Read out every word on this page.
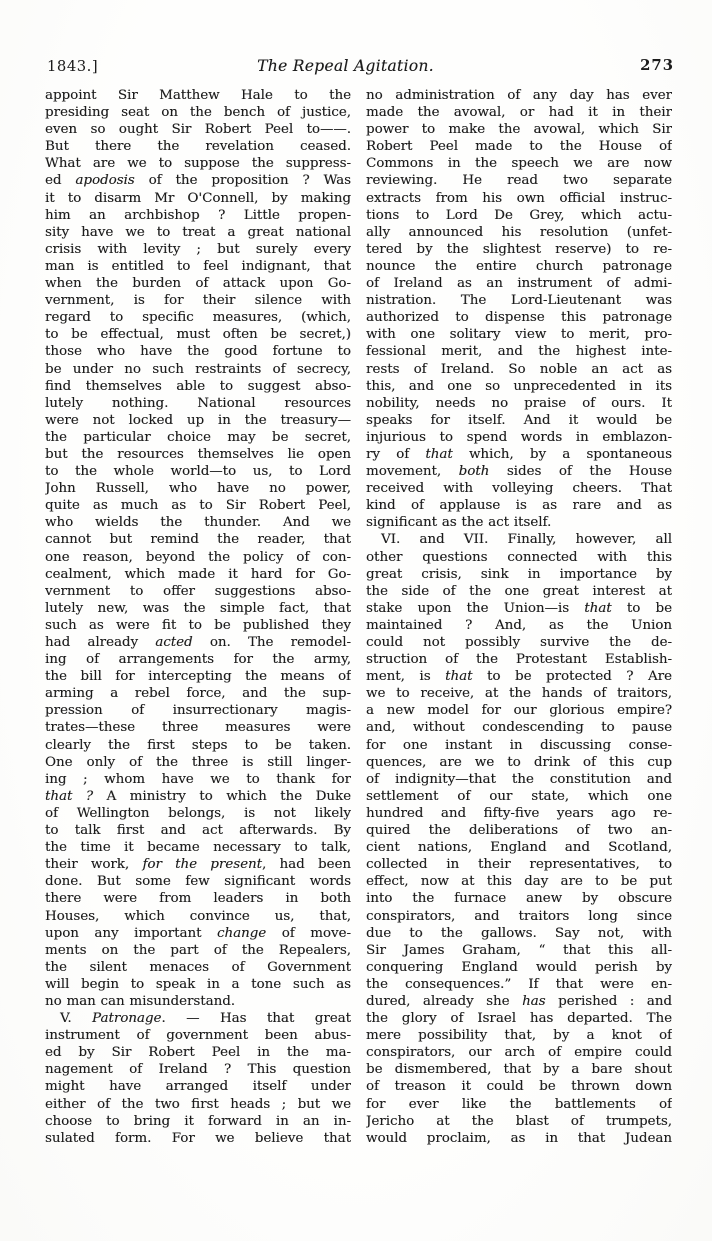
1843.]	The Repeal Agitation.	273
appoint Sir Matthew Hale to the
presiding seat on the bench of justice,
even so ought Sir Robert Peel to——.
But there the revelation ceased.
What are we to suppose the suppress-
ed apodosis of the proposition ? Was
it to disarm Mr O'Connell, by making
him an archbishop ? Little propen-
sity have we to treat a great national
crisis with levity ; but surely every
man is entitled to feel indignant, that
when the burden of attack upon Go-
vernment, is for their silence with
regard to specific measures, (which,
to be effectual, must often be secret,)
those who have the good fortune to
be under no such restraints of secrecy,
find themselves able to suggest abso-
lutely nothing. National resources
were not locked up in the treasury—
the particular choice may be secret,
but the resources themselves lie open
to the whole world—to us, to Lord
John Russell, who have no power,
quite as much as to Sir Robert Peel,
who wields the thunder. And we
cannot but remind the reader, that
one reason, beyond the policy of con-
cealment, which made it hard for Go-
vernment to offer suggestions abso-
lutely new, was the simple fact, that
such as were fit to be published they
had already acted on. The remodel-
ing of arrangements for the army,
the bill for intercepting the means of
arming a rebel force, and the sup-
pression of insurrectionary magis-
trates—these three measures were
clearly the first steps to be taken.
One only of the three is still linger-
ing ; whom have we to thank for
that ? A ministry to which the Duke
of Wellington belongs, is not likely
to talk first and act afterwards. By
the time it became necessary to talk,
their work, for the present, had been
done. But some few significant words
there were from leaders in both
Houses, which convince us, that,
upon any important change of move-
ments on the part of the Repealers,
the silent menaces of Government
will begin to speak in a tone such as
no man can misunderstand.
V. Patronage. — Has that great
instrument of government been abus-
ed by Sir Robert Peel in the ma-
nagement of Ireland ? This question
might have arranged itself under
either of the two first heads ; but we
choose to bring it forward in an in-
sulated form. For we believe that
no administration of any day has ever
made the avowal, or had it in their
power to make the avowal, which Sir
Robert Peel made to the House of
Commons in the speech we are now
reviewing. He read two separate
extracts from his own official instruc-
tions to Lord De Grey, which actu-
ally announced his resolution (unfet-
tered by the slightest reserve) to re-
nounce the entire church patronage
of Ireland as an instrument of admi-
nistration. The Lord-Lieutenant was
authorized to dispense this patronage
with one solitary view to merit, pro-
fessional merit, and the highest inte-
rests of Ireland. So noble an act as
this, and one so unprecedented in its
nobility, needs no praise of ours. It
speaks for itself. And it would be
injurious to spend words in emblazon-
ry of that which, by a spontaneous
movement, both sides of the House
received with volleying cheers. That
kind of applause is as rare and as
significant as the act itself.
VI. and VII. Finally, however, all
other questions connected with this
great crisis, sink in importance by
the side of the one great interest at
stake upon the Union—is that to be
maintained ? And, as the Union
could not possibly survive the de-
struction of the Protestant Establish-
ment, is that to be protected ? Are
we to receive, at the hands of traitors,
a new model for our glorious empire?
and, without condescending to pause
for one instant in discussing conse-
quences, are we to drink of this cup
of indignity—that the constitution and
settlement of our state, which one
hundred and fifty-five years ago re-
quired the deliberations of two an-
cient nations, England and Scotland,
collected in their representatives, to
effect, now at this day are to be put
into the furnace anew by obscure
conspirators, and traitors long since
due to the gallows. Say not, with
Sir James Graham, “ that this all-
conquering England would perish by
the consequences.” If that were en-
dured, already she has perished : and
the glory of Israel has departed. The
mere possibility that, by a knot of
conspirators, our arch of empire could
be dismembered, that by a bare shout
of treason it could be thrown down
for ever like the battlements of
Jericho at the blast of trumpets,
would proclaim, as in that Judean
